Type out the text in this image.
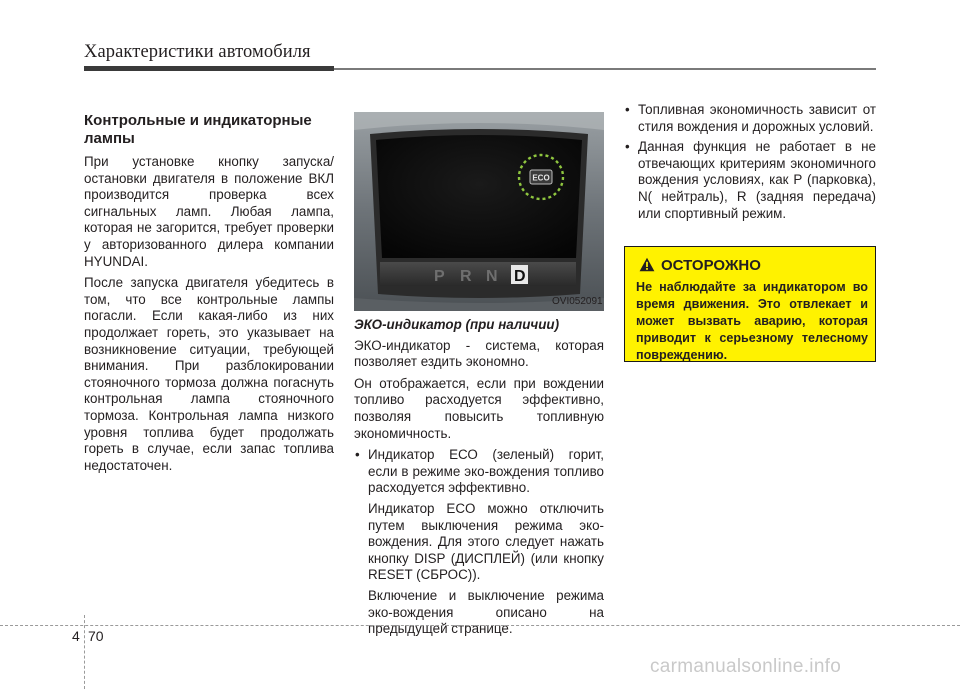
Характеристики автомобиля
Контрольные и индикаторные лампы

При установке кнопку запуска/остановки двигателя в положение ВКЛ производится проверка всех сигнальных ламп. Любая лампа, которая не загорится, требует проверки у авторизованного дилера компании HYUNDAI.

После запуска двигателя убедитесь в том, что все контрольные лампы погасли. Если какая-либо из них продолжает гореть, это указывает на возникновение ситуации, требующей внимания. При разблокировании стояночного тормоза должна погаснуть контрольная лампа стояночного тормоза. Контрольная лампа низкого уровня топлива будет продолжать гореть в случае, если запас топлива недостаточен.

ECO
P R N D
OVI052091
ЭКО-индикатор (при наличии)

ЭКО-индикатор - система, которая позволяет ездить экономно.

Он отображается, если при вождении топливо расходуется эффективно, позволяя повысить топливную экономичность.

• Индикатор ЕСО (зеленый) горит, если в режиме эко-вождения топливо расходуется эффективно.
Индикатор ECO можно отключить путем выключения режима эко-вождения. Для этого следует нажать кнопку DISP (ДИСПЛЕЙ) (или кнопку RESET (СБРОС)).
Включение и выключение режима эко-вождения описано на предыдущей странице.
• Топливная экономичность зависит от стиля вождения и дорожных условий.
• Данная функция не работает в не отвечающих критериям экономичного вождения условиях, как Р (парковка), N( нейтраль), R (задняя передача) или спортивный режим.
ОСТОРОЖНО
Не наблюдайте за индикатором во время движения. Это отвлекает и может вызвать аварию, которая приводит к серьезному телесному повреждению.
4 70
carmanualsonline.info
